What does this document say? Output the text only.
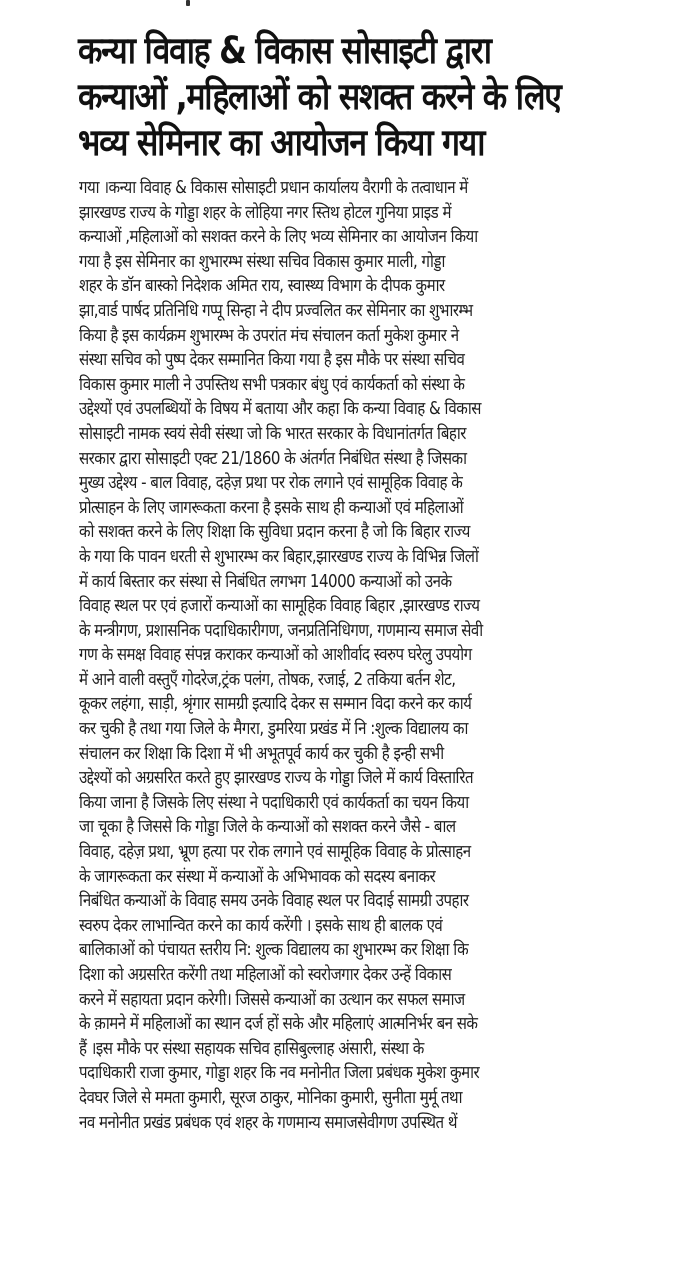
कन्या विवाह & विकास सोसाइटी द्वारा
कन्याओं ,महिलाओं को सशक्त करने के लिए
भव्य सेमिनार का आयोजन किया गया
गया ।कन्या विवाह & विकास सोसाइटी प्रधान कार्यालय वैरागी के तत्वाधान में
झारखण्ड राज्य के गोड्डा शहर के लोहिया नगर स्तिथ होटल गुनिया प्राइड में
कन्याओं ,महिलाओं को सशक्त करने के लिए भव्य सेमिनार का आयोजन किया
गया है इस सेमिनार का शुभारम्भ संस्था सचिव विकास कुमार माली, गोड्डा
शहर के डॉन बास्को निदेशक अमित राय, स्वास्थ्य विभाग के दीपक कुमार
झा,वार्ड पार्षद प्रतिनिधि गप्पू सिन्हा ने दीप प्रज्वलित कर सेमिनार का शुभारम्भ
किया है इस कार्यक्रम शुभारम्भ के उपरांत मंच संचालन कर्ता मुकेश कुमार ने
संस्था सचिव को पुष्प देकर सम्मानित किया गया है इस मौके पर संस्था सचिव
विकास कुमार माली ने उपस्तिथ सभी पत्रकार बंधु एवं कार्यकर्ता को संस्था के
उद्देश्यों एवं उपलब्धियों के विषय में बताया और कहा कि कन्या विवाह & विकास
सोसाइटी नामक स्वयं सेवी संस्था जो कि भारत सरकार के विधानांतर्गत बिहार
सरकार द्वारा सोसाइटी एक्ट 21/1860 के अंतर्गत निबंधित संस्था है जिसका
मुख्य उद्देश्य - बाल विवाह, दहेज़ प्रथा पर रोक लगाने एवं सामूहिक विवाह के
प्रोत्साहन के लिए जागरूकता करना है इसके साथ ही कन्याओं एवं महिलाओं
को सशक्त करने के लिए शिक्षा कि सुविधा प्रदान करना है जो कि बिहार राज्य
के गया कि पावन धरती से शुभारम्भ कर बिहार,झारखण्ड राज्य के विभिन्न जिलों
में कार्य बिस्तार कर संस्था से निबंधित लगभग 14000 कन्याओं को उनके
विवाह स्थल पर एवं हजारों कन्याओं का सामूहिक विवाह बिहार ,झारखण्ड राज्य
के मन्त्रीगण, प्रशासनिक पदाधिकारीगण, जनप्रतिनिधिगण, गणमान्य समाज सेवी
गण के समक्ष विवाह संपन्न कराकर कन्याओं को आशीर्वाद स्वरुप घरेलु उपयोग
में आने वाली वस्तुएँ गोदरेज,ट्रंक पलंग, तोषक, रजाई, 2 तकिया बर्तन शेट,
कूकर लहंगा, साड़ी, श्रृंगार सामग्री इत्यादि देकर स सम्मान विदा करने कर कार्य
कर चुकी है तथा गया जिले के मैगरा, डुमरिया प्रखंड में नि :शुल्क विद्यालय का
संचालन कर शिक्षा कि दिशा में भी अभूतपूर्व कार्य कर चुकी है इन्ही सभी
उद्देश्यों को अग्रसरित करते हुए झारखण्ड राज्य के गोड्डा जिले में कार्य विस्तारित
किया जाना है जिसके लिए संस्था ने पदाधिकारी एवं कार्यकर्ता का चयन किया
जा चूका है जिससे कि गोड्डा जिले के कन्याओं को सशक्त करने जैसे - बाल
विवाह, दहेज़ प्रथा, भ्रूण हत्या पर रोक लगाने एवं सामूहिक विवाह के प्रोत्साहन
के जागरूकता कर संस्था में कन्याओं के अभिभावक को सदस्य बनाकर
निबंधित कन्याओं के विवाह समय उनके विवाह स्थल पर विदाई सामग्री उपहार
स्वरुप देकर लाभान्वित करने का कार्य करेंगी । इसके साथ ही बालक एवं
बालिकाओं को पंचायत स्तरीय नि: शुल्क विद्यालय का शुभारम्भ कर शिक्षा कि
दिशा को अग्रसरित करेंगी तथा महिलाओं को स्वरोजगार देकर उन्हें विकास
करने में सहायता प्रदान करेगी। जिससे कन्याओं का उत्थान कर सफल समाज
के क़ामने में महिलाओं का स्थान दर्ज हों सके और महिलाएं आत्मनिर्भर बन सके
हैं ।इस मौके पर संस्था सहायक सचिव हासिबुल्लाह अंसारी, संस्था के
पदाधिकारी राजा कुमार, गोड्डा शहर कि नव मनोनीत जिला प्रबंधक मुकेश कुमार
देवघर जिले से ममता कुमारी, सूरज ठाकुर, मोनिका कुमारी, सुनीता मुर्मू तथा
नव मनोनीत प्रखंड प्रबंधक एवं शहर के गणमान्य समाजसेवीगण उपस्थित थें
